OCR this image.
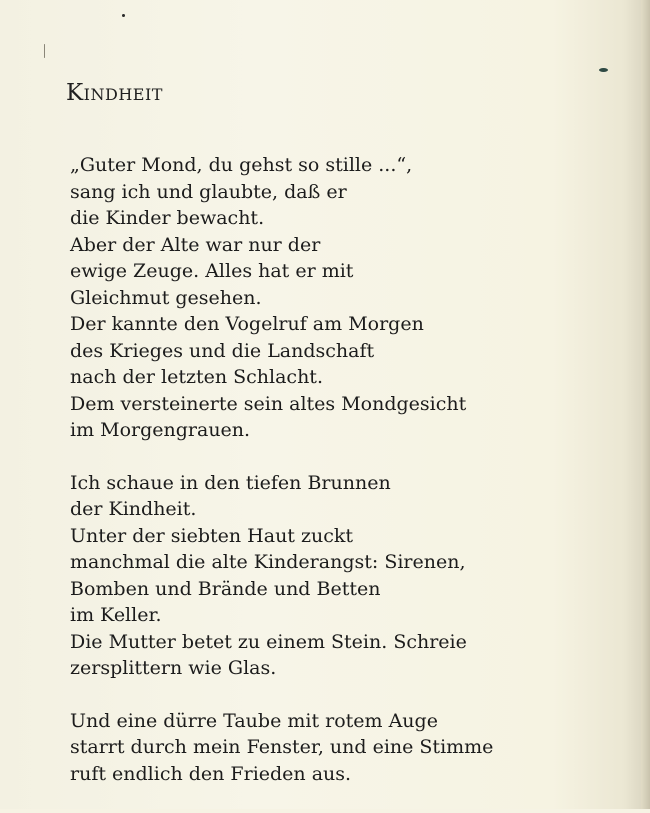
Kindheit
„Guter Mond, du gehst so stille ...“,
sang ich und glaubte, daß er
die Kinder bewacht.
Aber der Alte war nur der
ewige Zeuge. Alles hat er mit
Gleichmut gesehen.
Der kannte den Vogelruf am Morgen
des Krieges und die Landschaft
nach der letzten Schlacht.
Dem versteinerte sein altes Mondgesicht
im Morgengrauen.
Ich schaue in den tiefen Brunnen
der Kindheit.
Unter der siebten Haut zuckt
manchmal die alte Kinderangst: Sirenen,
Bomben und Brände und Betten
im Keller.
Die Mutter betet zu einem Stein. Schreie
zersplittern wie Glas.
Und eine dürre Taube mit rotem Auge
starrt durch mein Fenster, und eine Stimme
ruft endlich den Frieden aus.
